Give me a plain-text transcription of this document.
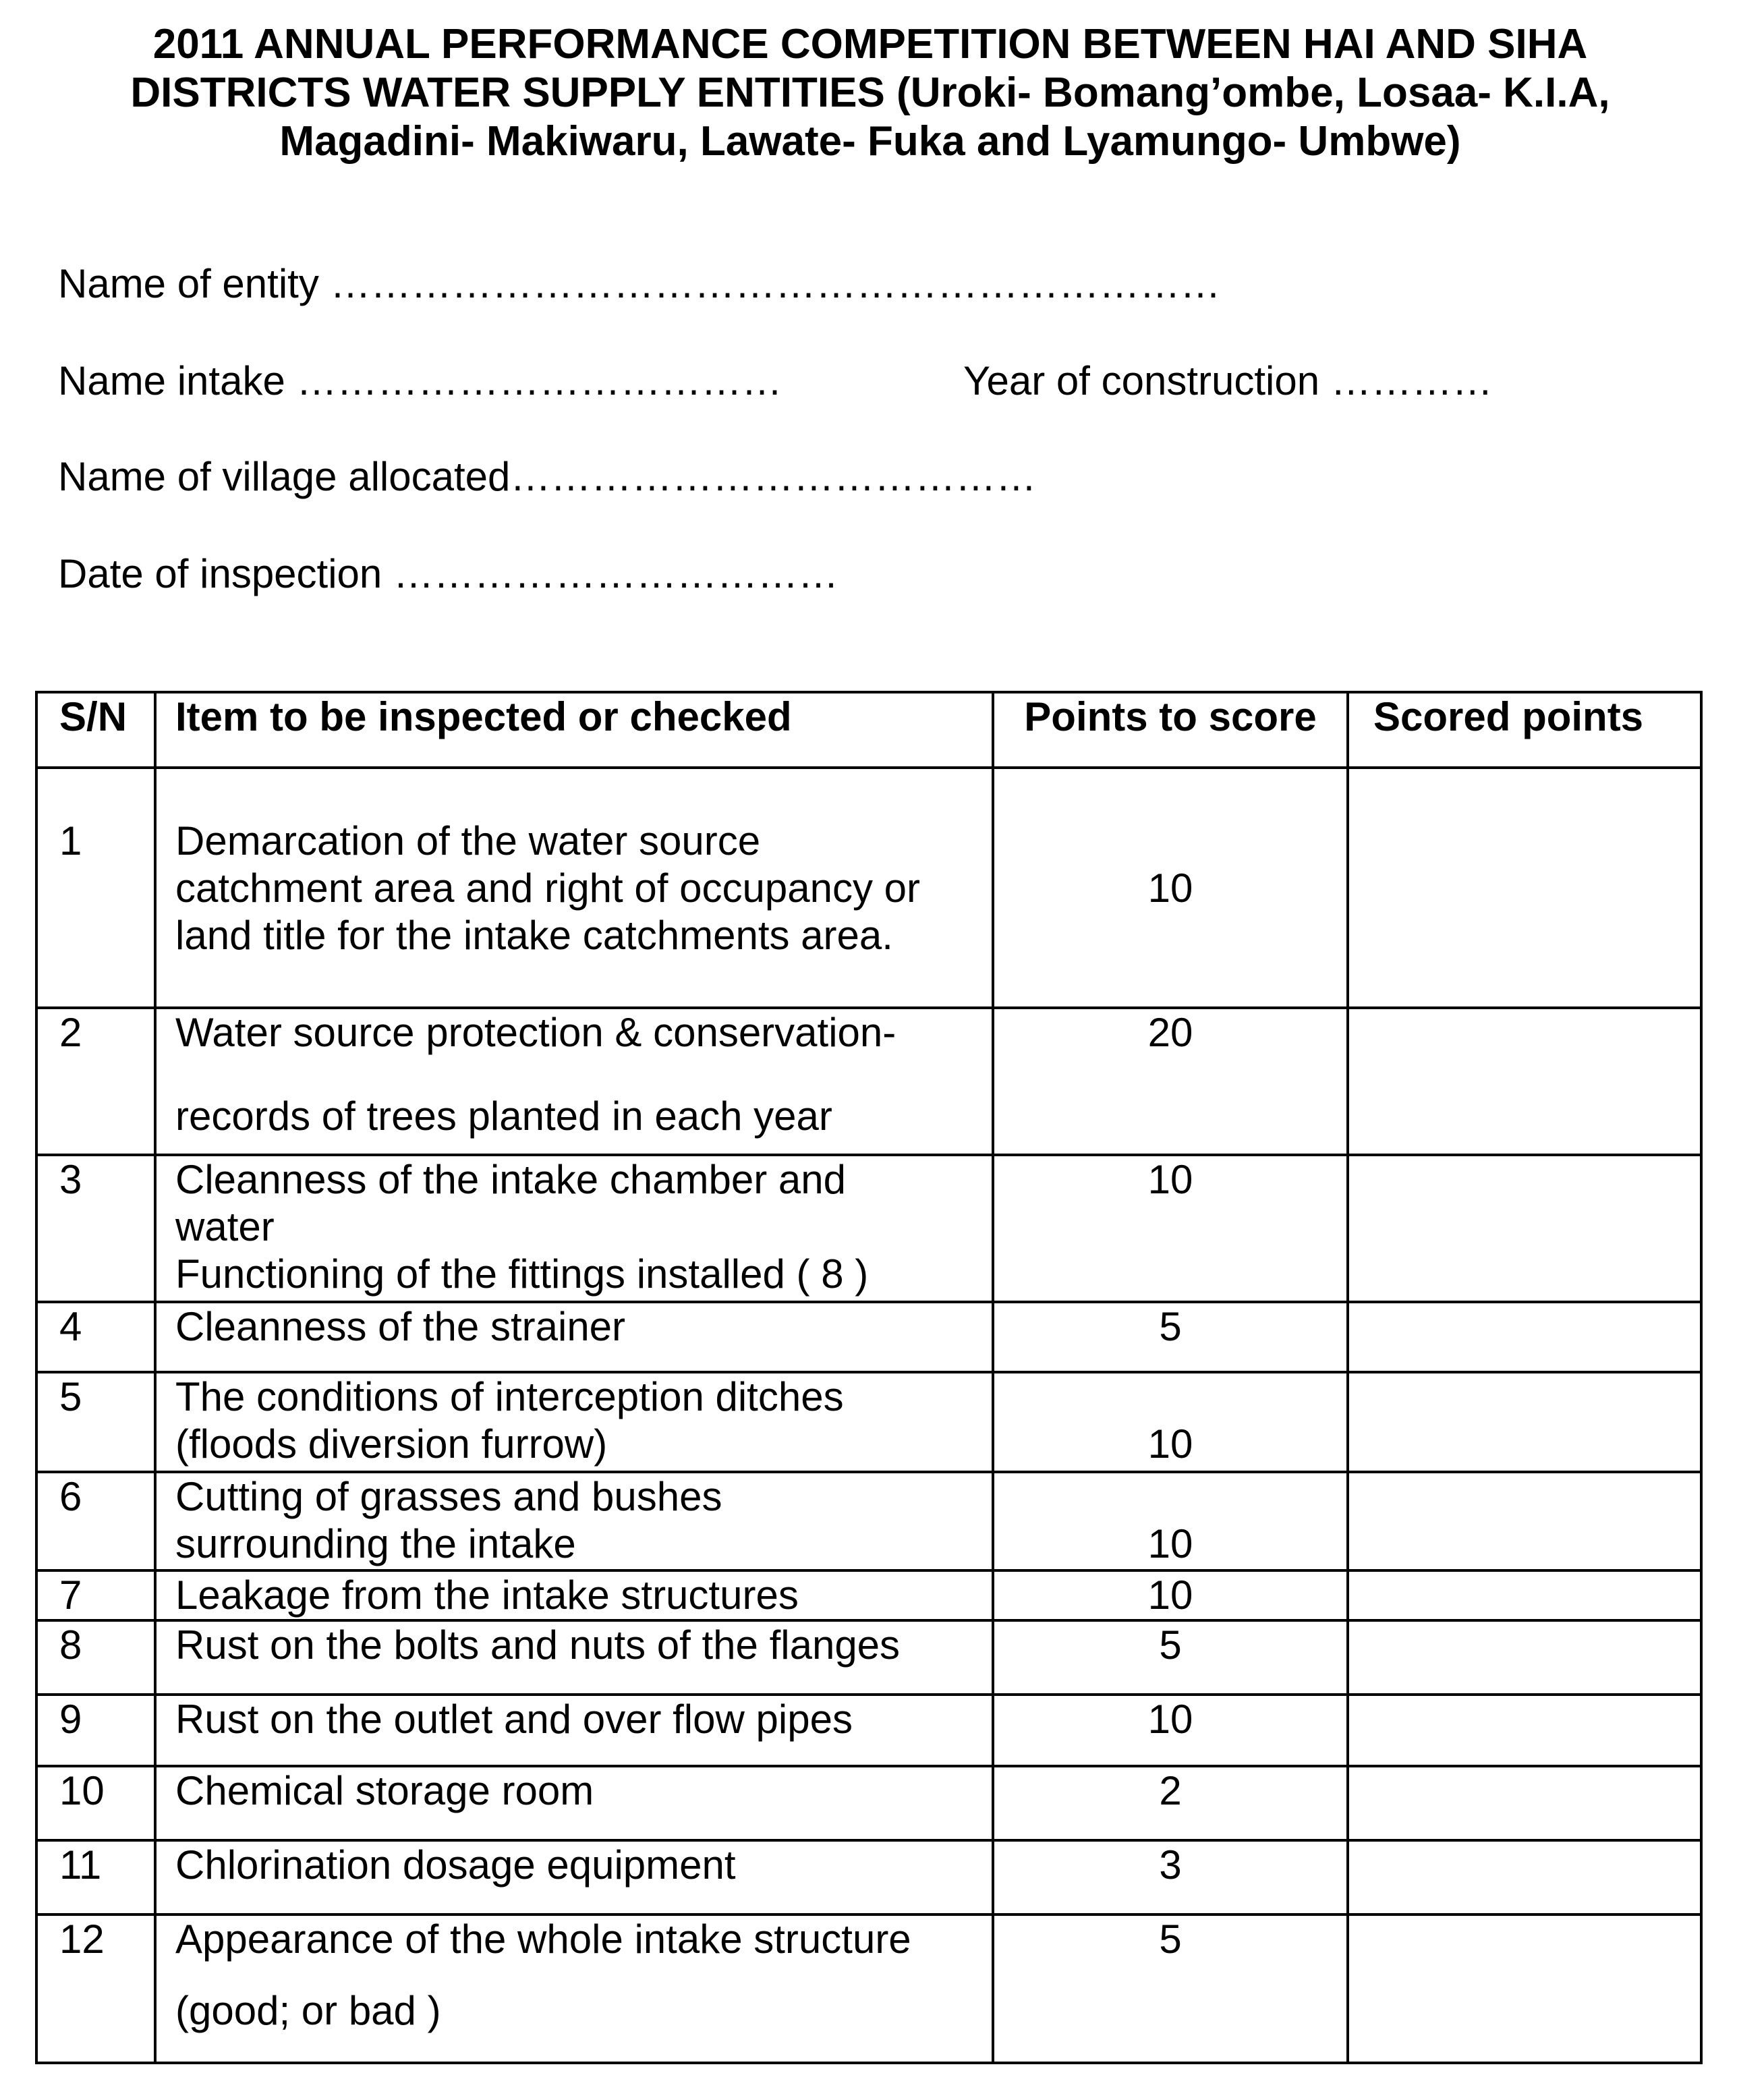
2011 ANNUAL PERFORMANCE COMPETITION BETWEEN HAI AND SIHA
DISTRICTS WATER SUPPLY ENTITIES (Uroki- Bomang’ombe, Losaa- K.I.A,
Magadini- Makiwaru, Lawate- Fuka and Lyamungo- Umbwe)
Name of entity …………………………………………………………
Name intake ………………………………	Year of construction …………
Name of village allocated…………………………………
Date of inspection ……………………………
S/N	Item to be inspected or checked	Points to score	Scored points
1	Demarcation of the water source
catchment area and right of occupancy or
land title for the intake catchments area.	10	
2	Water source protection & conservation-
records of trees planted in each year	20	
3	Cleanness of the intake chamber and
water
Functioning of the fittings installed ( 8 )	10	
4	Cleanness of the strainer	5	
5	The conditions of interception ditches
(floods diversion furrow)	10	
6	Cutting of grasses and bushes
surrounding the intake	10	
7	Leakage from the intake structures	10	
8	Rust on the bolts and nuts of the flanges	5	
9	Rust on the outlet and over flow pipes	10	
10	Chemical storage room	2	
11	Chlorination dosage equipment	3	
12	Appearance of the whole intake structure
(good; or bad )	5	
